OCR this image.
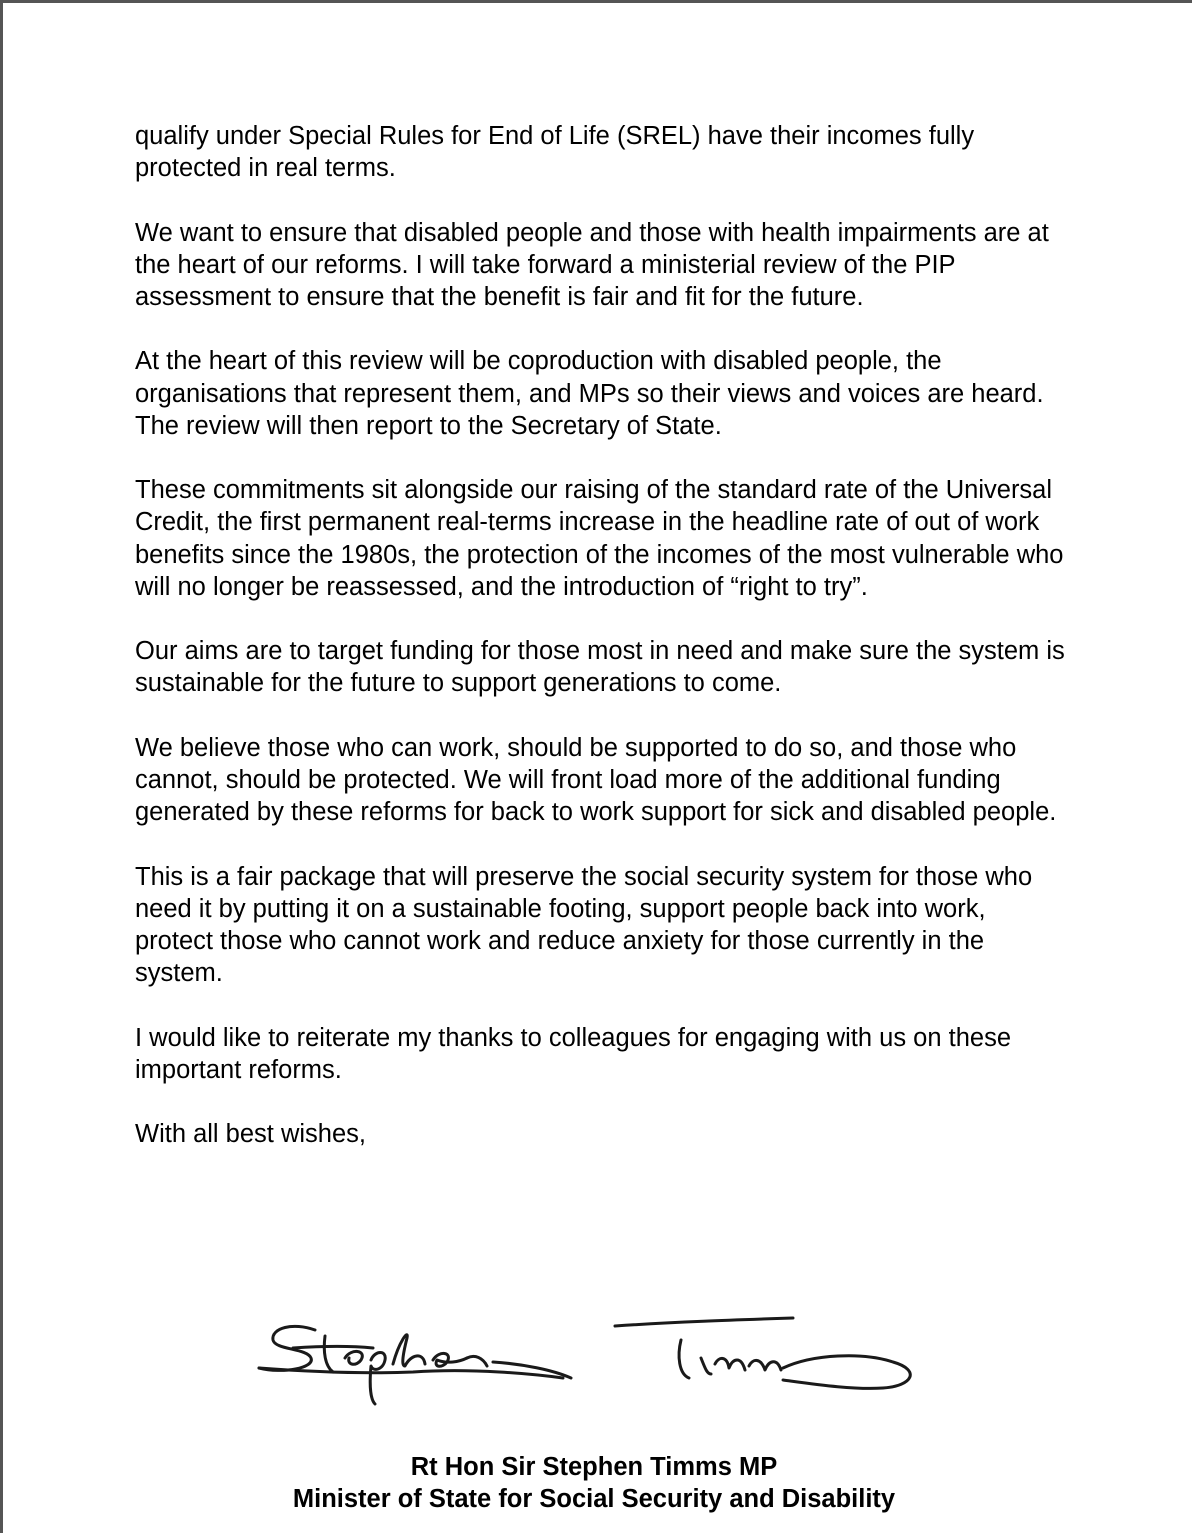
qualify under Special Rules for End of Life (SREL) have their incomes fully protected in real terms.

We want to ensure that disabled people and those with health impairments are at the heart of our reforms. I will take forward a ministerial review of the PIP assessment to ensure that the benefit is fair and fit for the future.

At the heart of this review will be coproduction with disabled people, the organisations that represent them, and MPs so their views and voices are heard. The review will then report to the Secretary of State.

These commitments sit alongside our raising of the standard rate of the Universal Credit, the first permanent real-terms increase in the headline rate of out of work benefits since the 1980s, the protection of the incomes of the most vulnerable who will no longer be reassessed, and the introduction of “right to try”.

Our aims are to target funding for those most in need and make sure the system is sustainable for the future to support generations to come.

We believe those who can work, should be supported to do so, and those who cannot, should be protected. We will front load more of the additional funding generated by these reforms for back to work support for sick and disabled people.

This is a fair package that will preserve the social security system for those who need it by putting it on a sustainable footing, support people back into work, protect those who cannot work and reduce anxiety for those currently in the system.

I would like to reiterate my thanks to colleagues for engaging with us on these important reforms.

With all best wishes,

Rt Hon Sir Stephen Timms MP
Minister of State for Social Security and Disability
